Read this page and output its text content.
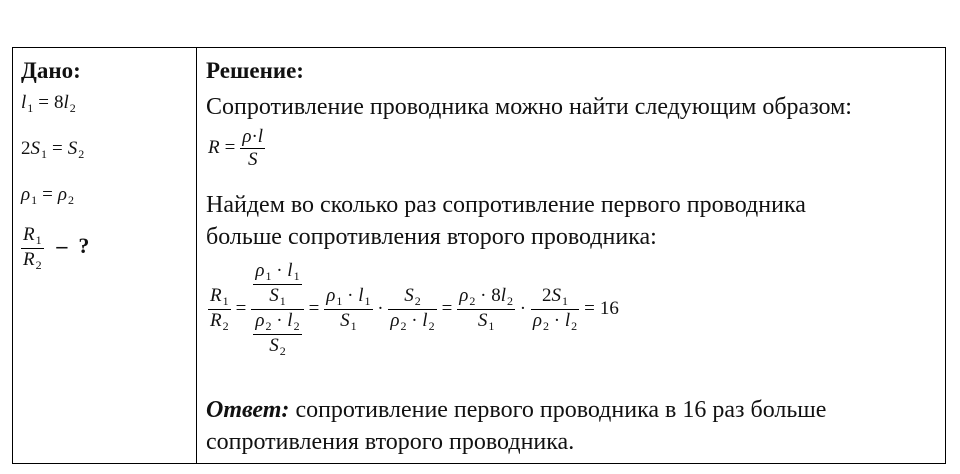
Дано:
$l_1 = 8l_2$
$2S_1 = S_2$
$\rho_1 = \rho_2$
$\frac{R_1}{R_2}$ –  ?
Решение:
Сопротивление проводника можно найти следующим образом:
$R = \frac{\rho\cdot l}{S}$
Найдем во сколько раз сопротивление первого проводника
больше сопротивления второго проводника:
$\frac{R_1}{R_2} = \frac{\frac{\rho_1 \cdot l_1}{S_1}}{\frac{\rho_2 \cdot l_2}{S_2}} = \frac{\rho_1 \cdot l_1}{S_1} \cdot \frac{S_2}{\rho_2 \cdot l_2} = \frac{\rho_2 \cdot 8l_2}{S_1} \cdot \frac{2S_1}{\rho_2 \cdot l_2} = 16$
Ответ: сопротивление первого проводника в 16 раз больше
сопротивления второго проводника.
